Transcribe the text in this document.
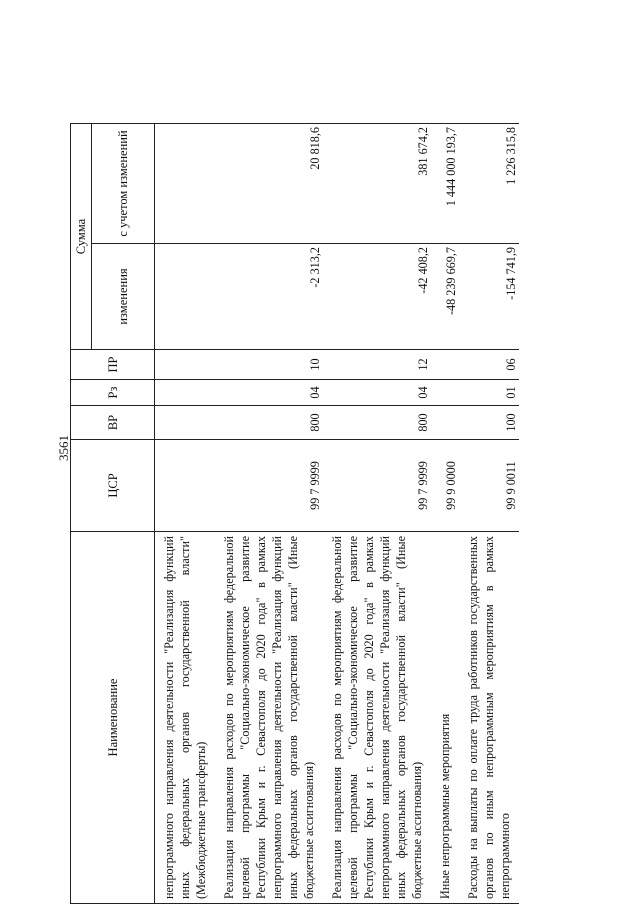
3561
Наименование	ЦСР	ВР	Рз	ПР	Сумма	
					изменения	с учетом изменений
непрограммного направления деятельности "Реализация функций иных федеральных органов государственной власти" (Межбюджетные трансферты)						
Реализация направления расходов по мероприятиям федеральной целевой программы "Социально-экономическое развитие Республики Крым и г. Севастополя до 2020 года" в рамках непрограммного направления деятельности "Реализация функций иных федеральных органов государственной власти" (Иные бюджетные ассигнования)	99 7 9999	800	04	10	-2 313,2	20 818,6
Реализация направления расходов по мероприятиям федеральной целевой программы "Социально-экономическое развитие Республики Крым и г. Севастополя до 2020 года" в рамках непрограммного направления деятельности "Реализация функций иных федеральных органов государственной власти" (Иные бюджетные ассигнования)	99 7 9999	800	04	12	-42 408,2	381 674,2
Иные непрограммные мероприятия	99 9 0000				-48 239 669,7	1 444 000 193,7
Расходы на выплаты по оплате труда работников государственных органов по иным непрограммным мероприятиям в рамках непрограммного	99 9 0011	100	01	06	-154 741,9	1 226 315,8
